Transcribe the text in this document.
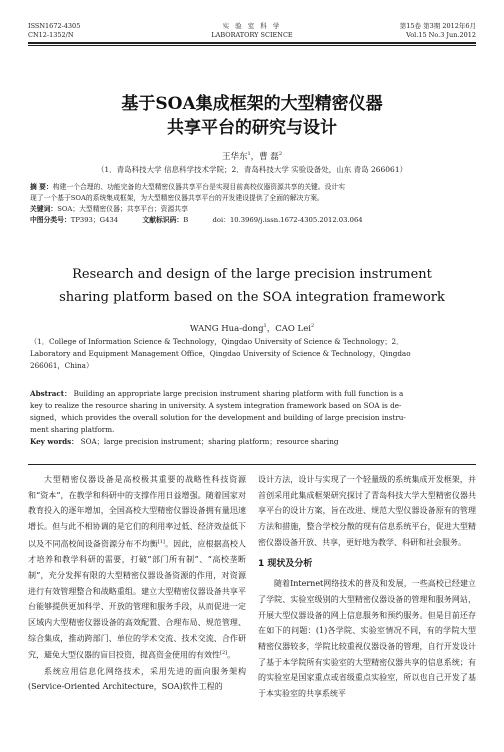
ISSN1672-4305
CN12-1352/N
实 验 室 科 学
LABORATORY SCIENCE
第15卷 第3期 2012年6月
Vol.15 No.3 Jun.2012
基于SOA集成框架的大型精密仪器
共享平台的研究与设计
王华东$^1$，曹 磊$^2$
（1．青岛科技大学 信息科学技术学院；2．青岛科技大学 实验设备处，山东 青岛 266061）
摘 要：构建一个合理的、功能完备的大型精密仪器共享平台是实现目前高校仪器资源共享的关键。设计实
现了一个基于SOA的系统集成框架，为大型精密仪器共享平台的开发建设提供了全面的解决方案。
关键词：SOA；大型精密仪器；共享平台；资源共享
中图分类号：TP393；G434	文献标识码：B	doi：10.3969/j.issn.1672-4305.2012.03.064
Research and design of the large precision instrument
sharing platform based on the SOA integration framework
WANG Hua-dong$^1$，CAO Lei$^2$
（1．College of Information Science & Technology，Qingdao University of Science & Technology；2．
Laboratory and Equipment Management Office，Qingdao University of Science & Technology，Qingdao
266061，China）
Abstract： Building an appropriate large precision instrument sharing platform with full function is a
key to realize the resource sharing in university. A system integration framework based on SOA is de-
signed，which provides the overall solution for the development and building of large precision instru-
ment sharing platform.
Key words： SOA；large precision instrument；sharing platform；resource sharing

大型精密仪器设备是高校极其重要的战略性科技资源和“资本”，在教学和科研中的支撑作用日益增强。随着国家对教育投入的逐年增加，全国高校大型精密仪器设备拥有量迅速增长。但与此不相协调的是它们的利用率过低、经济效益低下以及不同高校间设备资源分布不均衡[1]。因此，应根据高校人才培养和教学科研的需要，打破“部门所有制”、“高校垄断制”，充分发挥有限的大型精密仪器设备资源的作用，对资源进行有效管理整合和战略重组。建立大型精密仪器设备共享平台能够提供更加科学、开放的管理和服务手段，从而促进一定区域内大型精密仪器设备的高效配置、合理布局、规范管理、综合集成，推动跨部门、单位的学术交流、技术交流、合作研究，避免大型仪器的盲目投资，提高资金使用的有效性[2]。

系统应用信息化网络技术，采用先进的面向服务架构(Service-Oriented Architecture，SOA)软件工程的

设计方法，设计与实现了一个轻量级的系统集成开发框架，并首创采用此集成框架研究探讨了青岛科技大学大型精密仪器共享平台的设计方案，旨在改进、规范大型仪器设备原有的管理方法和措施，整合学校分散的现有信息系统平台，促进大型精密仪器设备开放、共享，更好地为教学、科研和社会服务。

1 现状及分析

随着Internet网络技术的普及和发展，一些高校已经建立了学院、实验室级别的大型精密仪器设备的管理和服务网站，开展大型仪器设备的网上信息服务和预约服务。但是目前还存在如下的问题：(1)各学院、实验室情况不同，有的学院大型精密仪器较多，学院比较重视仪器设备的管理，自行开发设计了基于本学院所有实验室的大型精密仪器共享的信息系统；有的实验室是国家重点或省级重点实验室，所以也自己开发了基于本实验室的共享系统平
